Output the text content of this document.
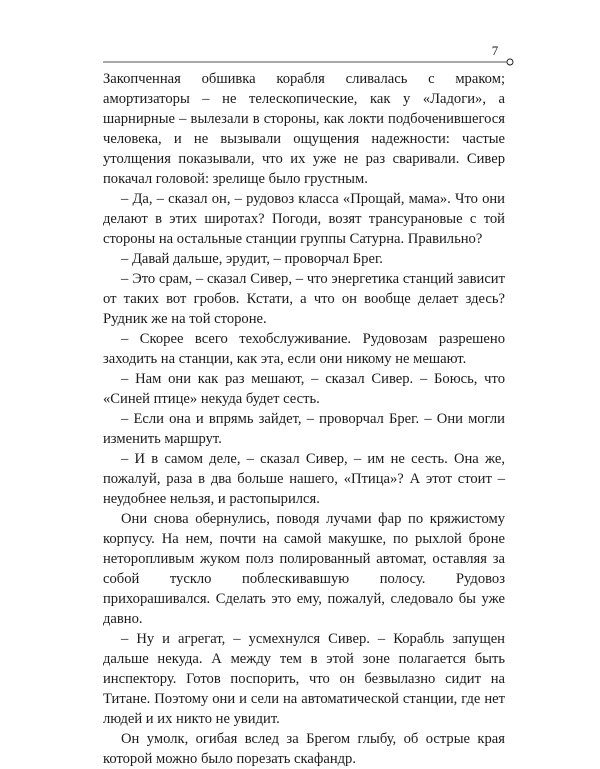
7

Закопченная обшивка корабля сливалась с мраком; амортизаторы – не телескопические, как у «Ладоги», а шарнирные – вылезали в стороны, как локти подбоченившегося человека, и не вызывали ощущения надежности: частые утолщения показывали, что их уже не раз сваривали. Сивер покачал головой: зрелище было грустным.

– Да, – сказал он, – рудовоз класса «Прощай, мама». Что они делают в этих широтах? Погоди, возят трансурановые с той стороны на остальные станции группы Сатурна. Правильно?

– Давай дальше, эрудит, – проворчал Брег.

– Это срам, – сказал Сивер, – что энергетика станций зависит от таких вот гробов. Кстати, а что он вообще делает здесь? Рудник же на той стороне.

– Скорее всего техобслуживание. Рудовозам разрешено заходить на станции, как эта, если они никому не мешают.

– Нам они как раз мешают, – сказал Сивер. – Боюсь, что «Синей птице» некуда будет сесть.

– Если она и впрямь зайдет, – проворчал Брег. – Они могли изменить маршрут.

– И в самом деле, – сказал Сивер, – им не сесть. Она же, пожалуй, раза в два больше нашего, «Птица»? А этот стоит – неудобнее нельзя, и растопырился.

Они снова обернулись, поводя лучами фар по кряжистому корпусу. На нем, почти на самой макушке, по рыхлой броне неторопливым жуком полз полированный автомат, оставляя за собой тускло поблескивавшую полосу. Рудовоз прихорашивался. Сделать это ему, пожалуй, следовало бы уже давно.

– Ну и агрегат, – усмехнулся Сивер. – Корабль запущен дальше некуда. А между тем в этой зоне полагается быть инспектору. Готов поспорить, что он безвылазно сидит на Титане. Поэтому они и сели на автоматической станции, где нет людей и их никто не увидит.

Он умолк, огибая вслед за Брегом глыбу, об острые края которой можно было порезать скафандр.
